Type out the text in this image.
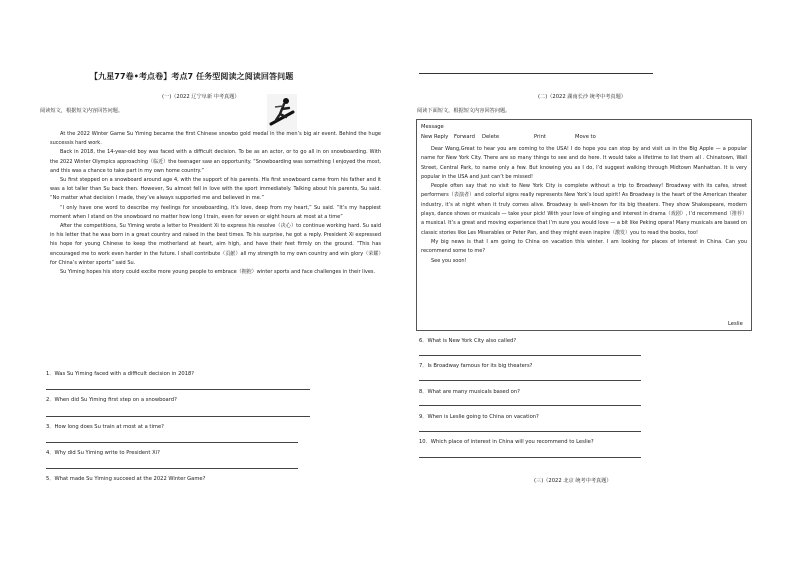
【九星77卷•考点卷】考点7 任务型阅读之阅读回答问题
(一)（2022 辽宁阜新 中考真题）
阅读短文，根据短文内容回答问题。

At the 2022 Winter Game Su Yiming became the first Chinese snowbo gold medal in the men’s big air event. Behind the huge successis hard work.

Back in 2018, the 14-year-old boy was faced with a difficult decision. To be as an actor, or to go all in on snowboarding. With the 2022 Winter Olympics approaching（临近）the teenager saw an opportunity. “Snowboarding was something I enjoyed the most, and this was a chance to take part in my own home country.”

Su first stepped on a snowboard around age 4, with the support of his parents. His first snowboard came from his father and it was a lot taller than Su back then. However, Su almost fell in love with the sport immediately. Talking about his parents, Su said. “No matter what decision I made, they’ve always supported me and believed in me.”

“I only have one word to describe my feelings for snowboarding, it’s love, deep from my heart,” Su said. “It’s my happiest moment when I stand on the snowboard no matter how long I train, even for seven or eight hours at most at a time”

After the competitions, Su Yiming wrote a letter to President Xi to express his resolve（决心）to continue working hard. Su said in his letter that he was born in a great country and raised in the best times. To his surprise, he got a reply. President Xi expressed his hope for young Chinese to keep the motherland at heart, aim high, and have their feet firmly on the ground. “This has encouraged me to work even harder in the future. I shall contribute（贡献）all my strength to my own country and win glory（荣耀）for China’s winter sports” said Su.

Su Yiming hopes his story could excite more young people to embrace（拥抱）winter sports and face challenges in their lives.

1．Was Su Yiming faced with a difficult decision in 2018?
2．When did Su Yiming first step on a snowboard?
3．How long does Su train at most at a time?
4．Why did Su Yiming write to President Xi?
5．What made Su Yiming succeed at the 2022 Winter Game?
(二)（2022 湖南长沙 统考中考真题）
阅读下面短文，根据短文内容回答问题。
Message
New Reply Forward Delete	Print	Move to

Dear Wang,Great to hear you are coming to the USA! I do hope you can stop by and visit us in the Big Apple — a popular name for New York City. There are so many things to see and do here. It would take a lifetime to list them all . Chinatown, Wall Street, Central Park, to name only a few. But knowing you as I do, I’d suggest walking through Midtown Manhattan. It is very popular in the USA and just can’t be missed!

People often say that no visit to New York City is complete without a trip to Broadway! Broadway with its cafes, street performers（表演者）and colorful signs really represents New York’s loud spirit! As Broadway is the heart of the American theater industry, it’s at night when it truly comes alive. Broadway is well-known for its big theaters. They show Shakespeare, modern plays, dance shows or musicals — take your pick! With your love of singing and interest in drama（戏剧）, I’d recommend（推荐）a musical. It’s a great and moving experience that I’m sure you would love — a bit like Peking opera! Many musicals are based on classic stories like Les Miserables or Peter Pan, and they might even inspire（激发）you to read the books, too!

My big news is that I am going to China on vacation this winter. I am looking for places of interest in China. Can you recommend some to me?

See you soon!

Leslie
6．What is New York City also called?
7．Is Broadway famous for its big theaters?
8．What are many musicals based on?
9．When is Leslie going to China on vacation?
10．Which place of interest in China will you recommend to Leslie?
(三)（2022 北京 统考中考真题）
